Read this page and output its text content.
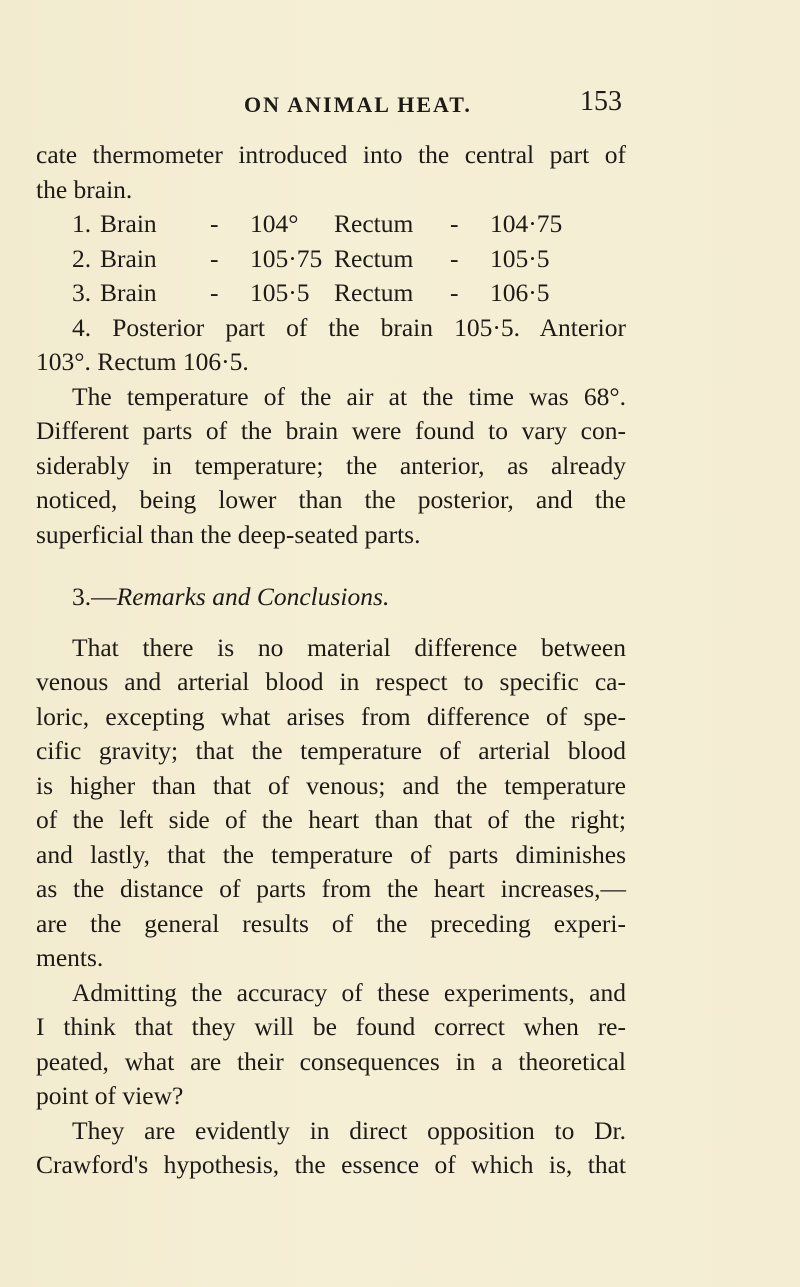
ON ANIMAL HEAT.	153
cate thermometer introduced into the central part of
the brain.
1. Brain	-	104°	Rectum	-	104·75
2. Brain	-	105·75 Rectum	-	105·5
3. Brain	-	105·5 Rectum	-	106·5
4. Posterior part of the brain 105·5. Anterior
103°. Rectum 106·5.
The temperature of the air at the time was 68°.
Different parts of the brain were found to vary con-
siderably in temperature; the anterior, as already
noticed, being lower than the posterior, and the
superficial than the deep-seated parts.
3.—Remarks and Conclusions.
That there is no material difference between
venous and arterial blood in respect to specific ca-
loric, excepting what arises from difference of spe-
cific gravity; that the temperature of arterial blood
is higher than that of venous; and the temperature
of the left side of the heart than that of the right;
and lastly, that the temperature of parts diminishes
as the distance of parts from the heart increases,—
are the general results of the preceding experi-
ments.
Admitting the accuracy of these experiments, and
I think that they will be found correct when re-
peated, what are their consequences in a theoretical
point of view?
They are evidently in direct opposition to Dr.
Crawford's hypothesis, the essence of which is, that
